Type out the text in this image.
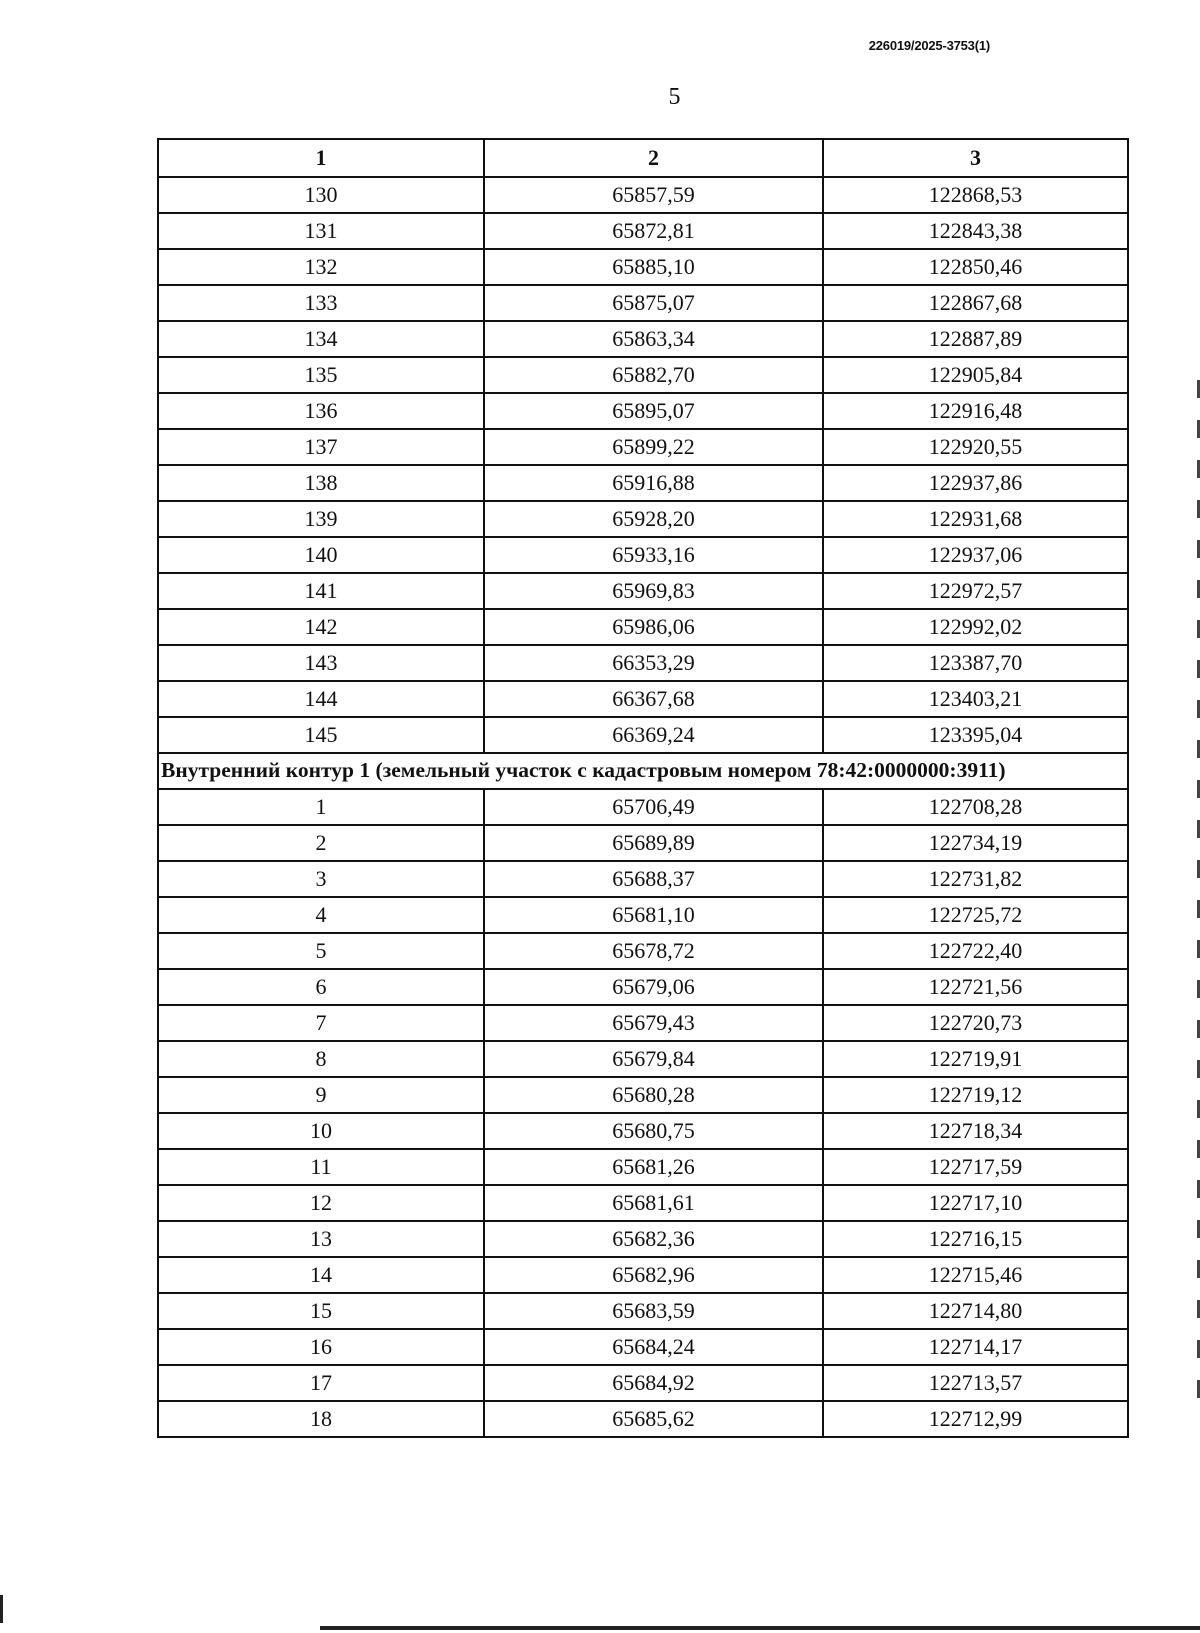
226019/2025-3753(1)
5
1	2	3
130	65857,59	122868,53
131	65872,81	122843,38
132	65885,10	122850,46
133	65875,07	122867,68
134	65863,34	122887,89
135	65882,70	122905,84
136	65895,07	122916,48
137	65899,22	122920,55
138	65916,88	122937,86
139	65928,20	122931,68
140	65933,16	122937,06
141	65969,83	122972,57
142	65986,06	122992,02
143	66353,29	123387,70
144	66367,68	123403,21
145	66369,24	123395,04
Внутренний контур 1 (земельный участок с кадастровым номером 78:42:0000000:3911)		
1	65706,49	122708,28
2	65689,89	122734,19
3	65688,37	122731,82
4	65681,10	122725,72
5	65678,72	122722,40
6	65679,06	122721,56
7	65679,43	122720,73
8	65679,84	122719,91
9	65680,28	122719,12
10	65680,75	122718,34
11	65681,26	122717,59
12	65681,61	122717,10
13	65682,36	122716,15
14	65682,96	122715,46
15	65683,59	122714,80
16	65684,24	122714,17
17	65684,92	122713,57
18	65685,62	122712,99
